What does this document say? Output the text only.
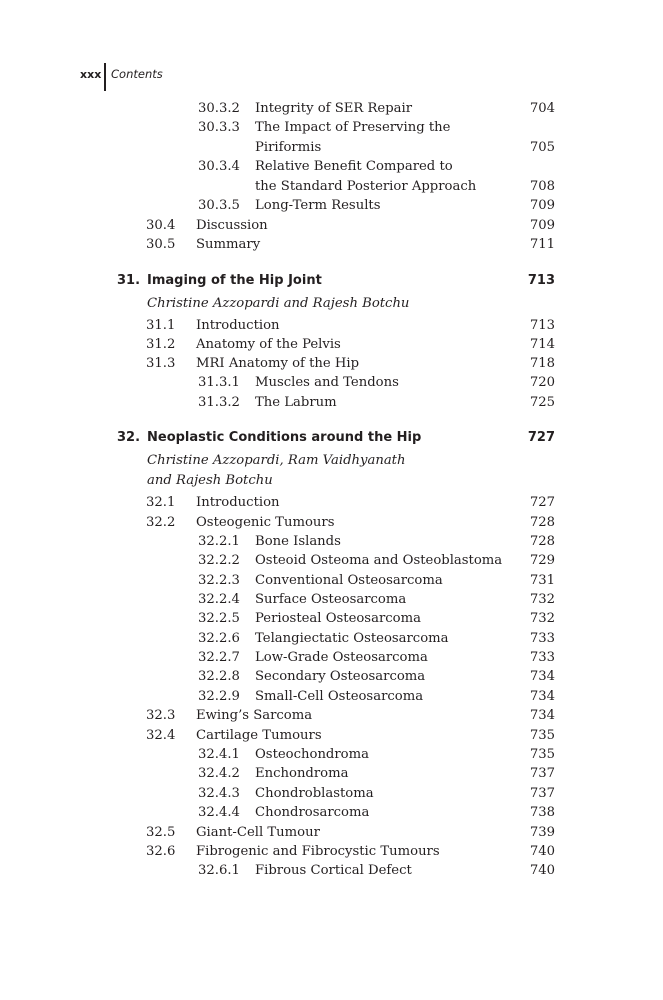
xxx Contents
30.3.2 Integrity of SER Repair	704
30.3.3 The Impact of Preserving the
Piriformis	705
30.3.4 Relative Benefit Compared to
the Standard Posterior Approach	708
30.3.5 Long-Term Results	709
30.4 Discussion	709
30.5 Summary	711
31. Imaging of the Hip Joint	713
Christine Azzopardi and Rajesh Botchu
31.1 Introduction	713
31.2 Anatomy of the Pelvis	714
31.3 MRI Anatomy of the Hip	718
31.3.1 Muscles and Tendons	720
31.3.2 The Labrum	725
32. Neoplastic Conditions around the Hip	727
Christine Azzopardi, Ram Vaidhyanath
and Rajesh Botchu
32.1 Introduction	727
32.2 Osteogenic Tumours	728
32.2.1 Bone Islands	728
32.2.2 Osteoid Osteoma and Osteoblastoma 729
32.2.3 Conventional Osteosarcoma	731
32.2.4 Surface Osteosarcoma	732
32.2.5 Periosteal Osteosarcoma	732
32.2.6 Telangiectatic Osteosarcoma	733
32.2.7 Low-Grade Osteosarcoma	733
32.2.8 Secondary Osteosarcoma	734
32.2.9 Small-Cell Osteosarcoma	734
32.3 Ewing’s Sarcoma	734
32.4 Cartilage Tumours	735
32.4.1 Osteochondroma	735
32.4.2 Enchondroma	737
32.4.3 Chondroblastoma	737
32.4.4 Chondrosarcoma	738
32.5 Giant-Cell Tumour	739
32.6 Fibrogenic and Fibrocystic Tumours	740
32.6.1 Fibrous Cortical Defect	740
